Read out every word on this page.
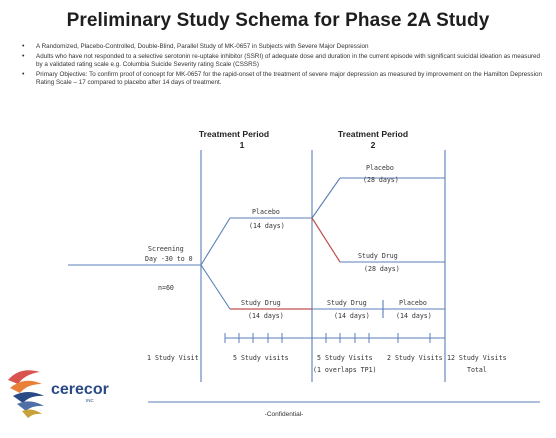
Preliminary Study Schema for Phase 2A Study
• A Randomized, Placebo-Controlled, Double-Blind, Parallel Study of MK-0657 in Subjects with Severe Major Depression
• Adults who have not responded to a selective serotonin re-uptake inhibitor (SSRI) of adequate dose and duration in the current episode with significant suicidal ideation as measured by a validated rating scale e.g. Columbia Suicide Severity rating Scale (CSSRS)
• Primary Objective: To confirm proof of concept for MK-0657 for the rapid-onset of the treatment of severe major depression as measured by improvement on the Hamilton Depression Rating Scale – 17 compared to placebo after 14 days of treatment.
Treatment Period
1
Treatment Period
2
Screening
Day -30 to 0
n=60
Placebo
(14 days)
Study Drug
(14 days)
Placebo
(28 days)
Study Drug
(28 days)
Study Drug
(14 days)
Placebo
(14 days)
1 Study Visit	5 Study visits	5 Study Visits
(1 overlaps TP1)
2 Study Visits 12 Study Visits
Total
-Confidential-
cerecor
INC
